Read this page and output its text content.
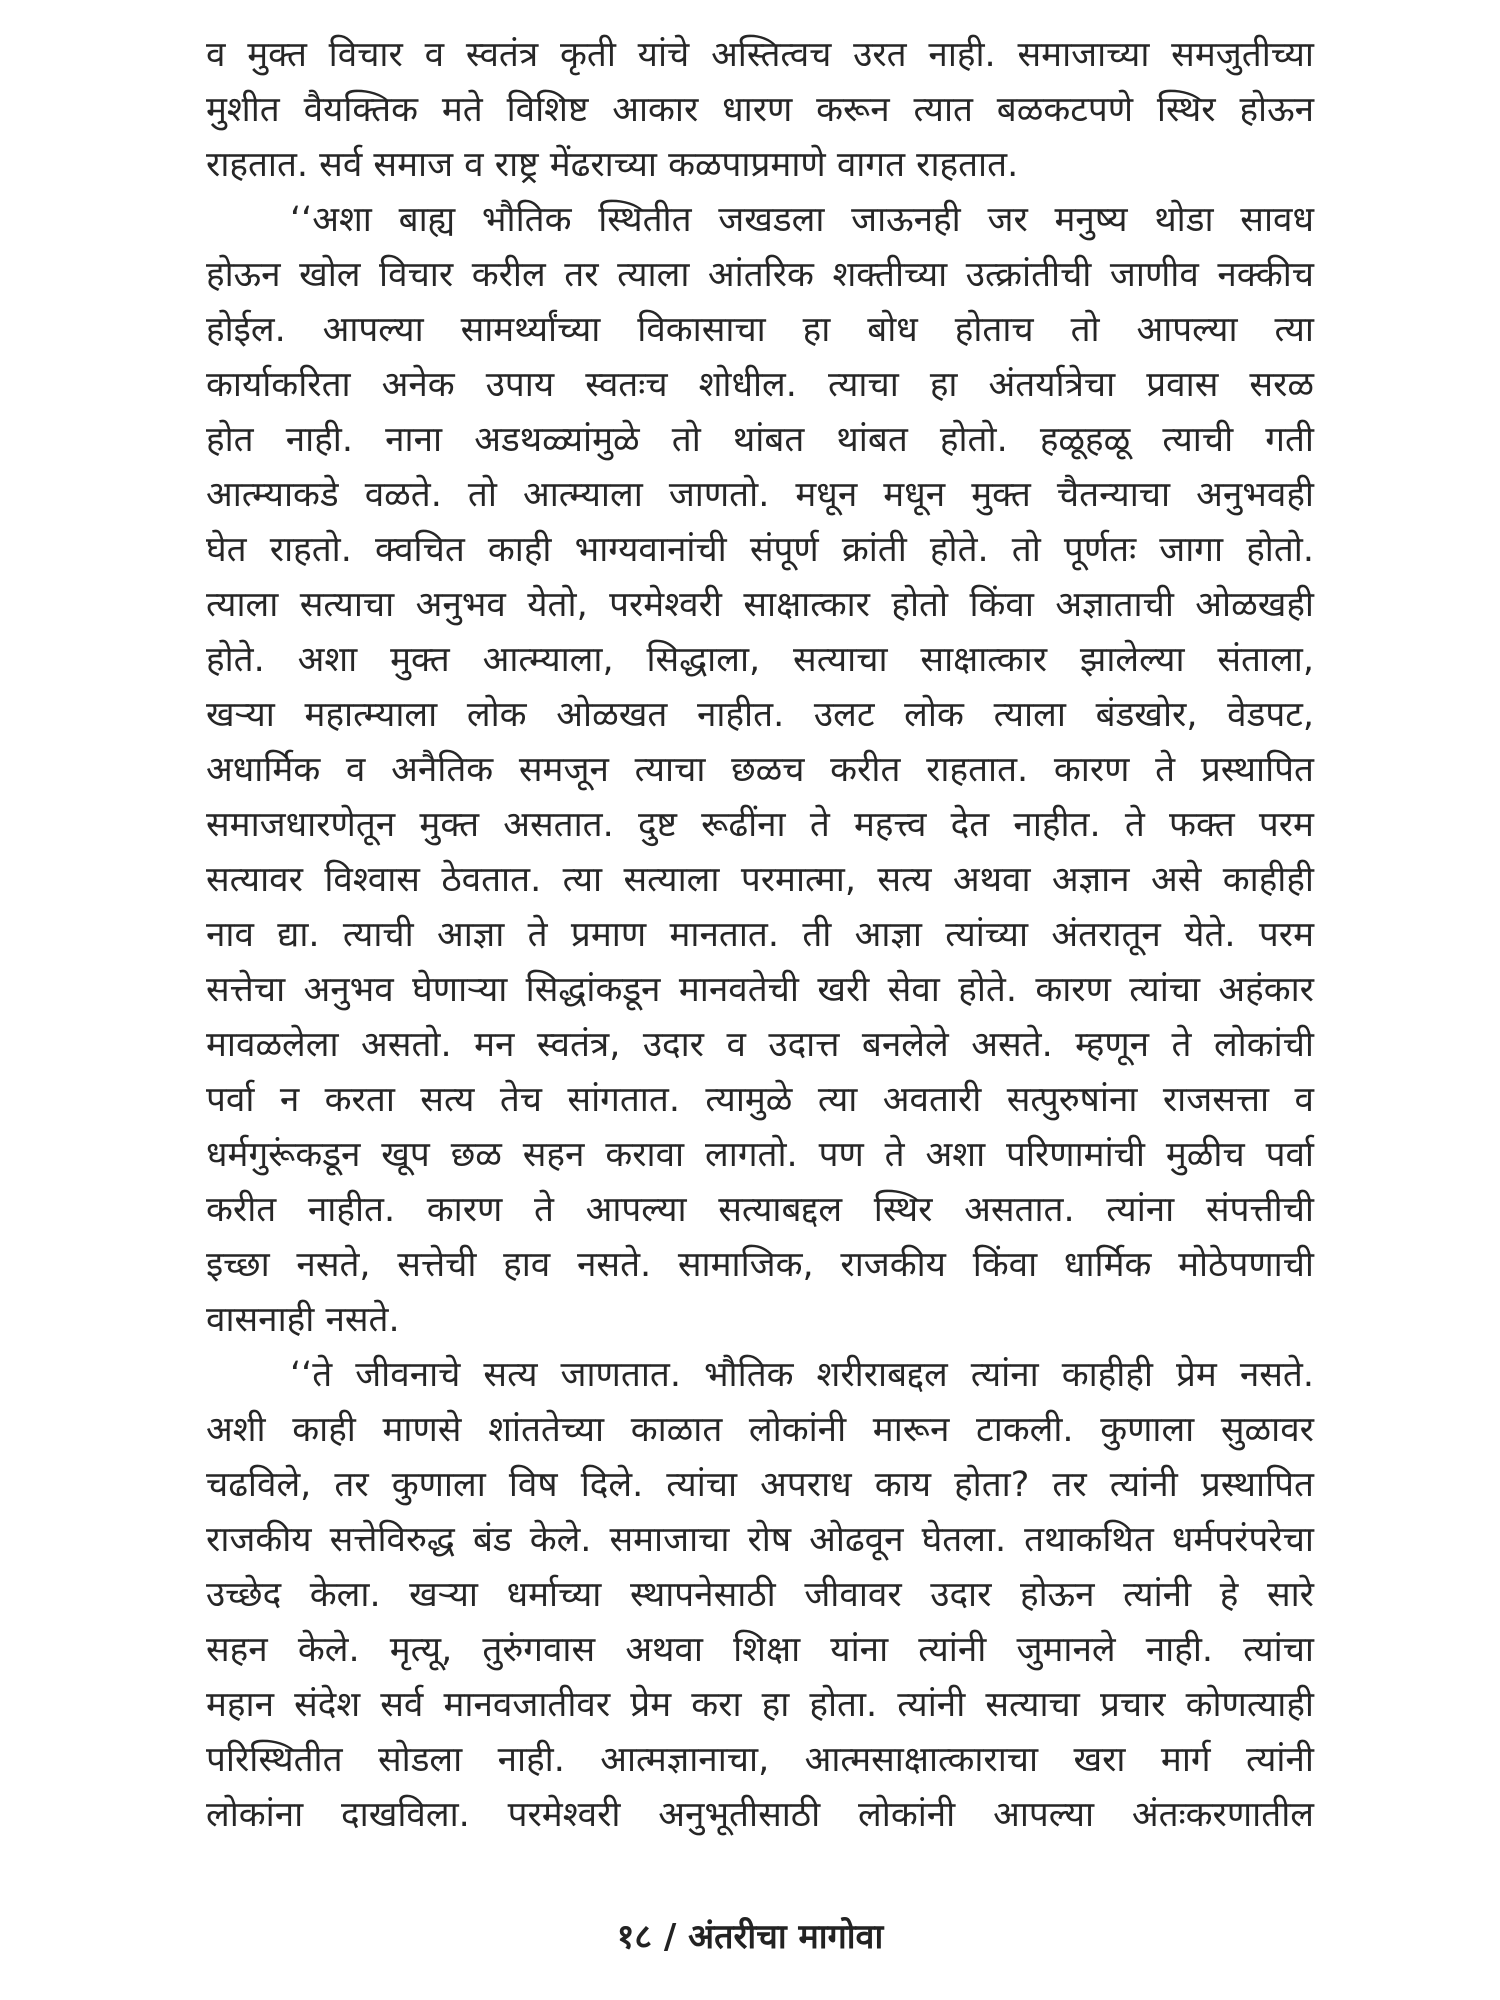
व मुक्त विचार व स्वतंत्र कृती यांचे अस्तित्वच उरत नाही. समाजाच्या समजुतीच्या
मुशीत वैयक्तिक मते विशिष्ट आकार धारण करून त्यात बळकटपणे स्थिर होऊन
राहतात. सर्व समाज व राष्ट्र मेंढराच्या कळपाप्रमाणे वागत राहतात.
‘‘अशा बाह्य भौतिक स्थितीत जखडला जाऊनही जर मनुष्य थोडा सावध
होऊन खोल विचार करील तर त्याला आंतरिक शक्तीच्या उत्क्रांतीची जाणीव नक्कीच
होईल. आपल्या सामर्थ्यांच्या विकासाचा हा बोध होताच तो आपल्या त्या
कार्याकरिता अनेक उपाय स्वतःच शोधील. त्याचा हा अंतर्यात्रेचा प्रवास सरळ
होत नाही. नाना अडथळ्यांमुळे तो थांबत थांबत होतो. हळूहळू त्याची गती
आत्म्याकडे वळते. तो आत्म्याला जाणतो. मधून मधून मुक्त चैतन्याचा अनुभवही
घेत राहतो. क्वचित काही भाग्यवानांची संपूर्ण क्रांती होते. तो पूर्णतः जागा होतो.
त्याला सत्याचा अनुभव येतो, परमेश्वरी साक्षात्कार होतो किंवा अज्ञाताची ओळखही
होते. अशा मुक्त आत्म्याला, सिद्धाला, सत्याचा साक्षात्कार झालेल्या संताला,
खऱ्या महात्म्याला लोक ओळखत नाहीत. उलट लोक त्याला बंडखोर, वेडपट,
अधार्मिक व अनैतिक समजून त्याचा छळच करीत राहतात. कारण ते प्रस्थापित
समाजधारणेतून मुक्त असतात. दुष्ट रूढींना ते महत्त्व देत नाहीत. ते फक्त परम
सत्यावर विश्वास ठेवतात. त्या सत्याला परमात्मा, सत्य अथवा अज्ञान असे काहीही
नाव द्या. त्याची आज्ञा ते प्रमाण मानतात. ती आज्ञा त्यांच्या अंतरातून येते. परम
सत्तेचा अनुभव घेणाऱ्या सिद्धांकडून मानवतेची खरी सेवा होते. कारण त्यांचा अहंकार
मावळलेला असतो. मन स्वतंत्र, उदार व उदात्त बनलेले असते. म्हणून ते लोकांची
पर्वा न करता सत्य तेच सांगतात. त्यामुळे त्या अवतारी सत्पुरुषांना राजसत्ता व
धर्मगुरूंकडून खूप छळ सहन करावा लागतो. पण ते अशा परिणामांची मुळीच पर्वा
करीत नाहीत. कारण ते आपल्या सत्याबद्दल स्थिर असतात. त्यांना संपत्तीची
इच्छा नसते, सत्तेची हाव नसते. सामाजिक, राजकीय किंवा धार्मिक मोठेपणाची
वासनाही नसते.
‘‘ते जीवनाचे सत्य जाणतात. भौतिक शरीराबद्दल त्यांना काहीही प्रेम नसते.
अशी काही माणसे शांततेच्या काळात लोकांनी मारून टाकली. कुणाला सुळावर
चढविले, तर कुणाला विष दिले. त्यांचा अपराध काय होता? तर त्यांनी प्रस्थापित
राजकीय सत्तेविरुद्ध बंड केले. समाजाचा रोष ओढवून घेतला. तथाकथित धर्मपरंपरेचा
उच्छेद केला. खऱ्या धर्माच्या स्थापनेसाठी जीवावर उदार होऊन त्यांनी हे सारे
सहन केले. मृत्यू, तुरुंगवास अथवा शिक्षा यांना त्यांनी जुमानले नाही. त्यांचा
महान संदेश सर्व मानवजातीवर प्रेम करा हा होता. त्यांनी सत्याचा प्रचार कोणत्याही
परिस्थितीत सोडला नाही. आत्मज्ञानाचा, आत्मसाक्षात्काराचा खरा मार्ग त्यांनी
लोकांना दाखविला. परमेश्वरी अनुभूतीसाठी लोकांनी आपल्या अंतःकरणातील
१८ / अंतरीचा मागोवा
